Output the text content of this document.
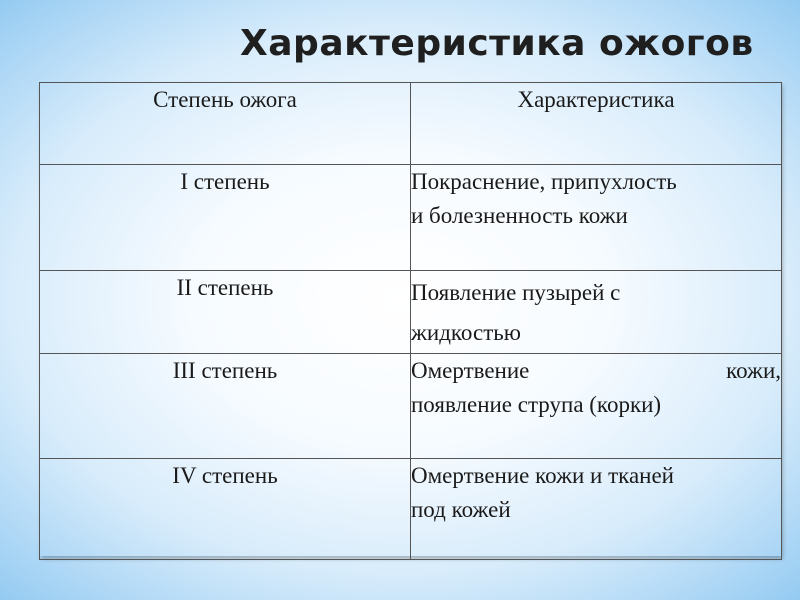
Характеристика ожогов
Степень ожога	Характеристика
I степень	Покраснение, припухлость
и болезненность кожи
II степень	Появление пузырей с
жидкостью
III степень	Омертвение кожи,
появление струпа (корки)

IV степень	Омертвение кожи и тканей
под кожей
